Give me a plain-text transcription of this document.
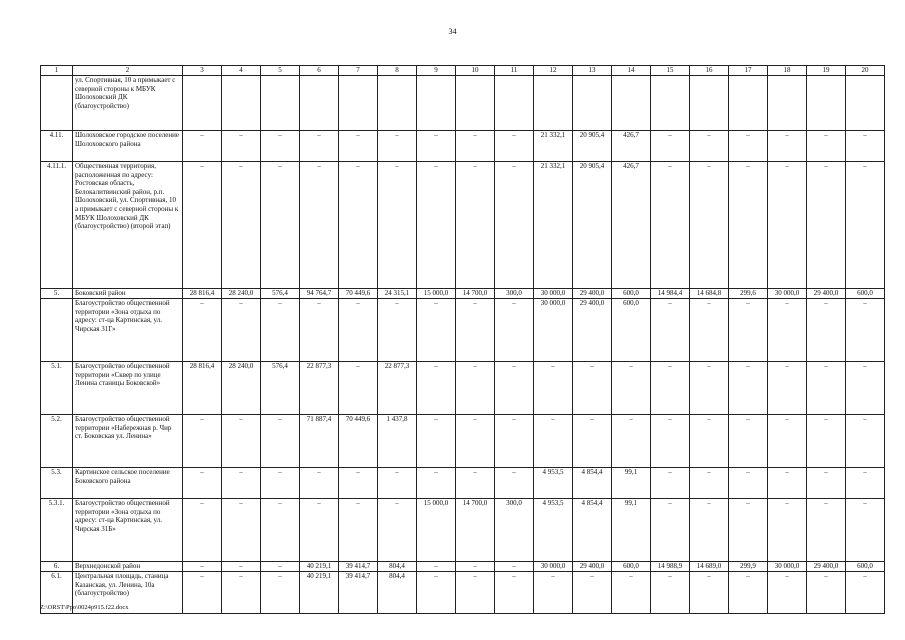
34
1	2	3	4	5	6	7	8	9	10	11	12	13	14	15	16	17	18	19	20
	ул. Спортивная, 10 а примыкает с северной стороны к МБУК Шолоховский ДК (благоустройство)																		
4.11.	Шолоховское городское поселение Шолоховского района	–	–	–	–	–	–	–	–	–	21 332,1	20 905,4	426,7	–	–	–	–	–	–
4.11.1.	Общественная территория, расположенная по адресу: Ростовская область, Белокалитвинский район, р.п. Шолоховский, ул. Спортивная, 10 а примыкает с северной стороны к МБУК Шолоховский ДК (благоустройство) (второй этап)	–	–	–	–	–	–	–	–	–	21 332,1	20 905,4	426,7	–	–	–	–	–	–
5.	Боковский район	28 816,4	28 240,0	576,4	94 764,7	70 449,6	24 315,1	15 000,0	14 700,0	300,0	30 000,0	29 400,0	600,0	14 984,4	14 684,8	299,6	30 000,0	29 400,0	600,0
	Благоустройство общественной территории «Зона отдыха по адресу: ст-ца Картинская, ул. Чирская 31Г»	–	–	–	–	–	–	–	–	–	30 000,0	29 400,0	600,0	–	–	–	–	–	–
5.1.	Благоустройство общественной территории «Сквер по улице Ленина станицы Боковской»	28 816,4	28 240,0	576,4	22 877,3	–	22 877,3	–	–	–	–	–	–	–	–	–	–	–	–
5.2.	Благоустройство общественной территории «Набережная р. Чир ст. Боковская ул. Ленина»	–	–	–	71 887,4	70 449,6	1 437,8	–	–	–	–	–	–	–	–	–	–	–	–
5.3.	Картинское сельское поселение Боковского района	–	–	–	–	–	–	–	–	–	4 953,5	4 854,4	99,1	–	–	–	–	–	–
5.3.1.	Благоустройство общественной территории «Зона отдыха по адресу: ст-ца Картинская, ул. Чирская 31Б»	–	–	–	–	–	–	15 000,0	14 700,0	300,0	4 953,5	4 854,4	99,1	–	–	–	–	–	–
6.	Верхнедонской район	–	–	–	40 219,1	39 414,7	804,4	–	–	–	30 000,0	29 400,0	600,0	14 988,9	14 689,0	299,9	30 000,0	29 400,0	600,0
6.1.	Центральная площадь, станица Казанская, ул. Ленина, 10а (благоустройство)	–	–	–	40 219,1	39 414,7	804,4	–	–	–	–	–	–	–	–	–	–	–	–
Z:\ORST\Ppo\0024p915.f22.docx
